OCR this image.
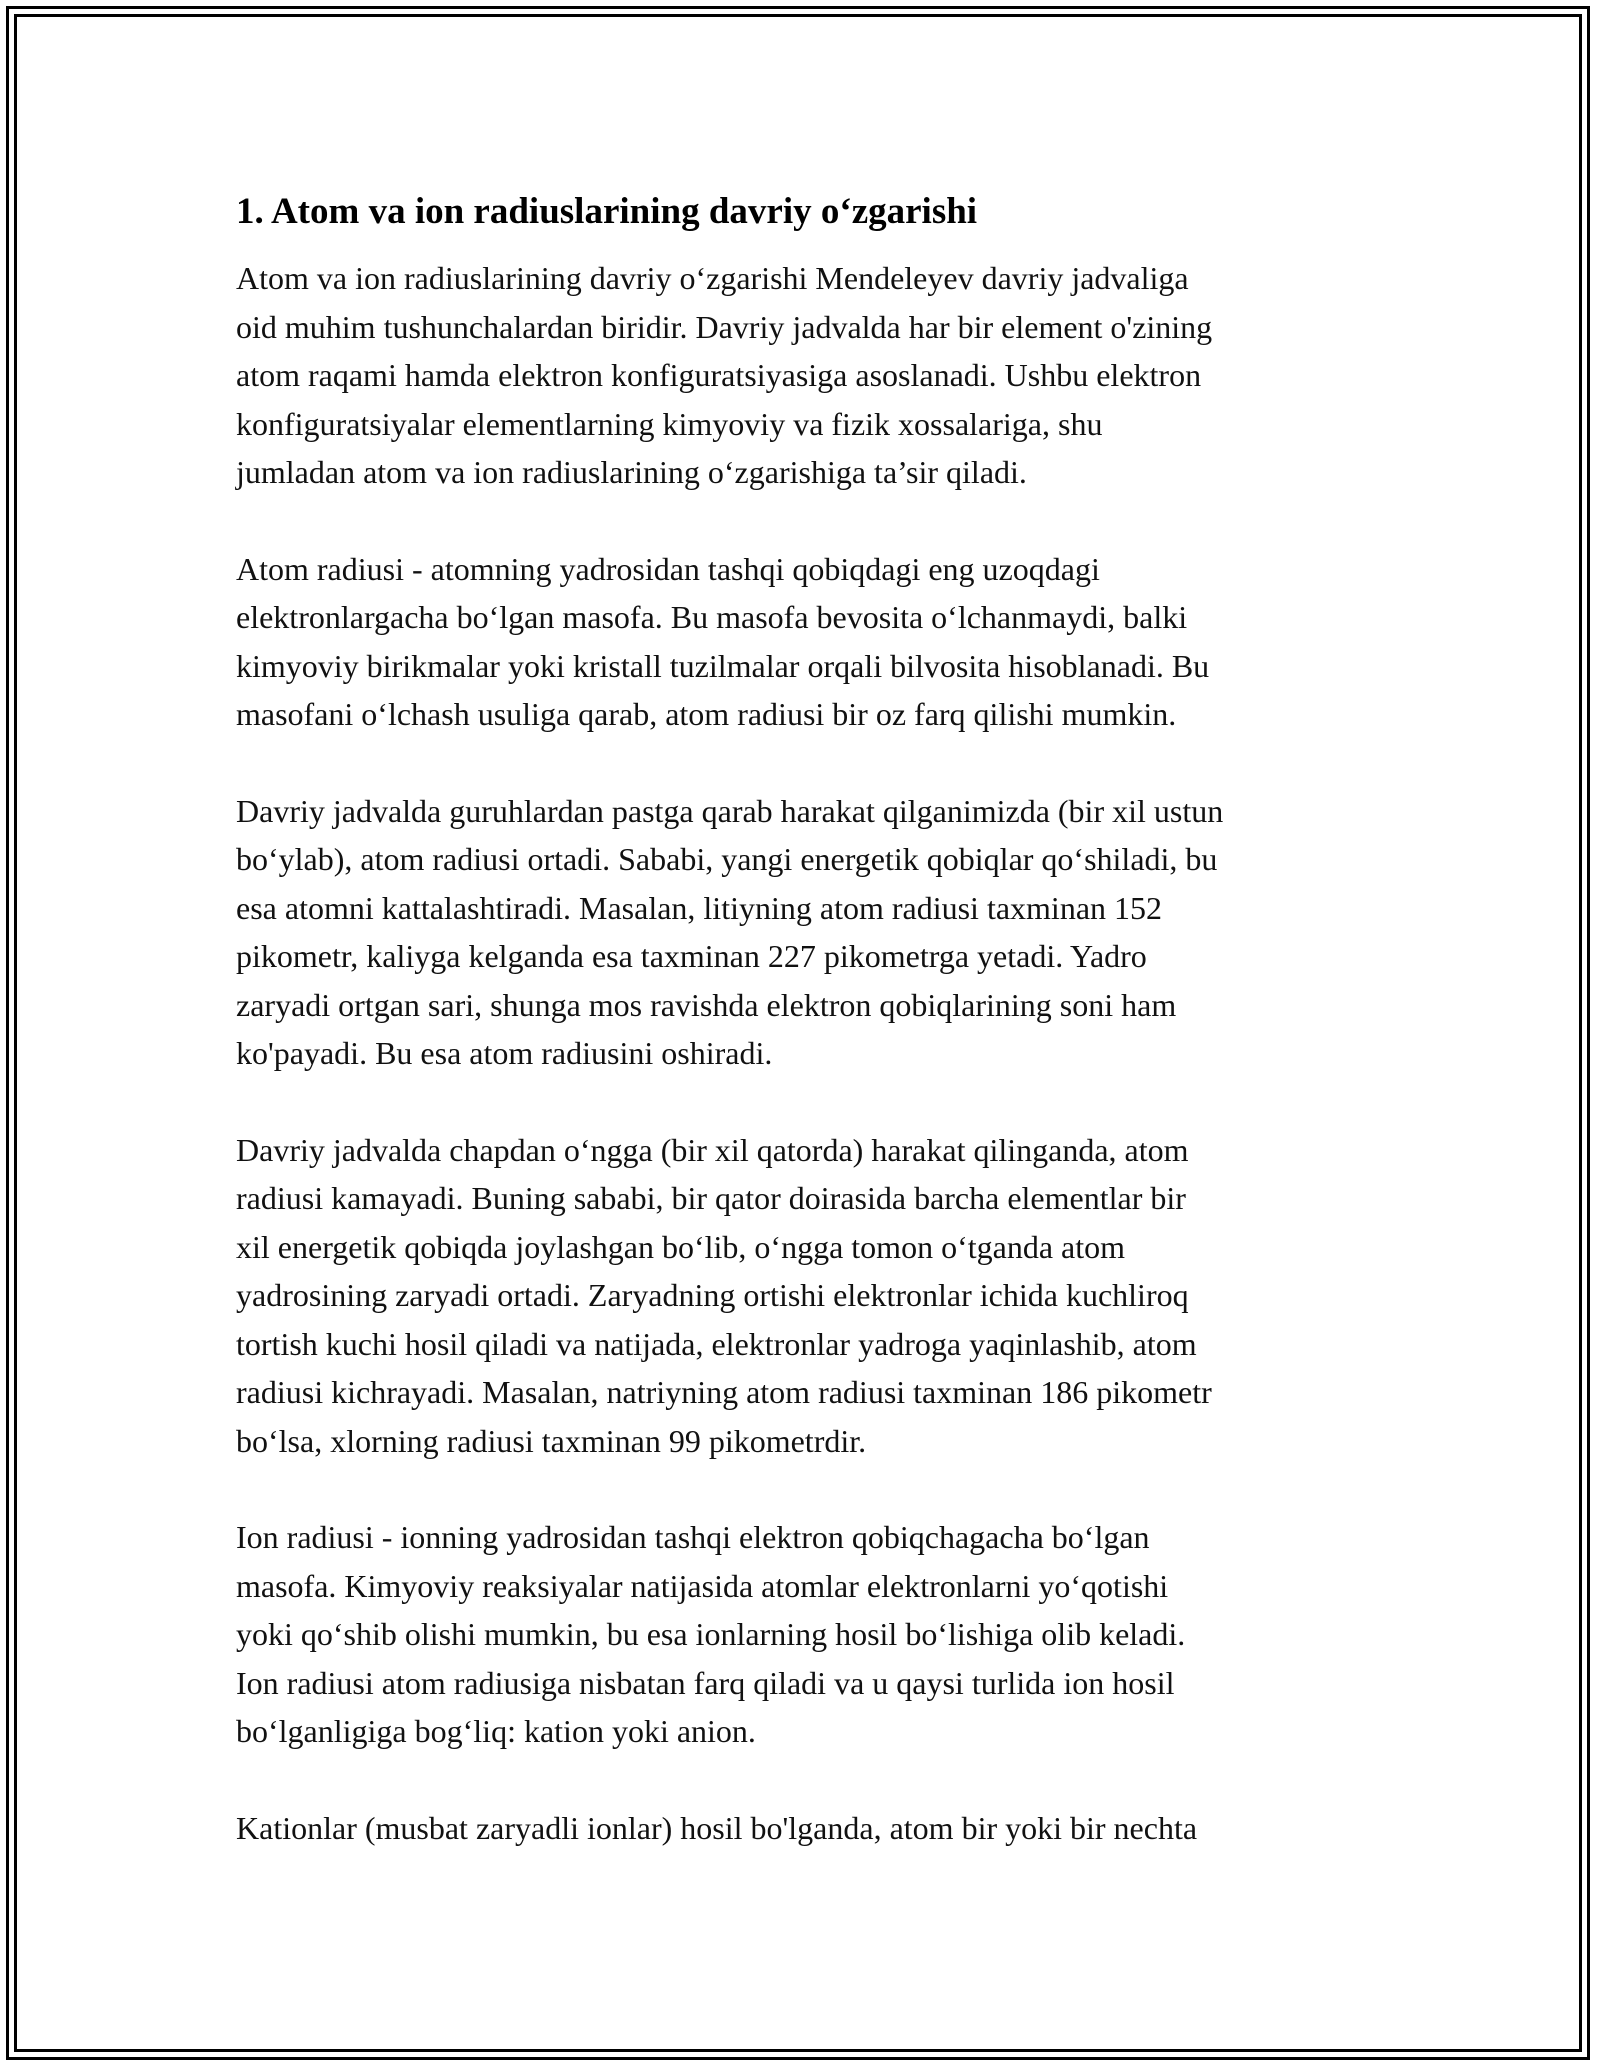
1. Atom va ion radiuslarining davriy o‘zgarishi
Atom va ion radiuslarining davriy o‘zgarishi Mendeleyev davriy jadvaliga
oid muhim tushunchalardan biridir. Davriy jadvalda har bir element o'zining
atom raqami hamda elektron konfiguratsiyasiga asoslanadi. Ushbu elektron
konfiguratsiyalar elementlarning kimyoviy va fizik xossalariga, shu
jumladan atom va ion radiuslarining o‘zgarishiga ta’sir qiladi.
Atom radiusi - atomning yadrosidan tashqi qobiqdagi eng uzoqdagi
elektronlargacha bo‘lgan masofa. Bu masofa bevosita o‘lchanmaydi, balki
kimyoviy birikmalar yoki kristall tuzilmalar orqali bilvosita hisoblanadi. Bu
masofani o‘lchash usuliga qarab, atom radiusi bir oz farq qilishi mumkin.
Davriy jadvalda guruhlardan pastga qarab harakat qilganimizda (bir xil ustun
bo‘ylab), atom radiusi ortadi. Sababi, yangi energetik qobiqlar qo‘shiladi, bu
esa atomni kattalashtiradi. Masalan, litiyning atom radiusi taxminan 152
pikometr, kaliyga kelganda esa taxminan 227 pikometrga yetadi. Yadro
zaryadi ortgan sari, shunga mos ravishda elektron qobiqlarining soni ham
ko'payadi. Bu esa atom radiusini oshiradi.
Davriy jadvalda chapdan o‘ngga (bir xil qatorda) harakat qilinganda, atom
radiusi kamayadi. Buning sababi, bir qator doirasida barcha elementlar bir
xil energetik qobiqda joylashgan bo‘lib, o‘ngga tomon o‘tganda atom
yadrosining zaryadi ortadi. Zaryadning ortishi elektronlar ichida kuchliroq
tortish kuchi hosil qiladi va natijada, elektronlar yadroga yaqinlashib, atom
radiusi kichrayadi. Masalan, natriyning atom radiusi taxminan 186 pikometr
bo‘lsa, xlorning radiusi taxminan 99 pikometrdir.
Ion radiusi - ionning yadrosidan tashqi elektron qobiqchagacha bo‘lgan
masofa. Kimyoviy reaksiyalar natijasida atomlar elektronlarni yo‘qotishi
yoki qo‘shib olishi mumkin, bu esa ionlarning hosil bo‘lishiga olib keladi.
Ion radiusi atom radiusiga nisbatan farq qiladi va u qaysi turlida ion hosil
bo‘lganligiga bog‘liq: kation yoki anion.
Kationlar (musbat zaryadli ionlar) hosil bo'lganda, atom bir yoki bir nechta
